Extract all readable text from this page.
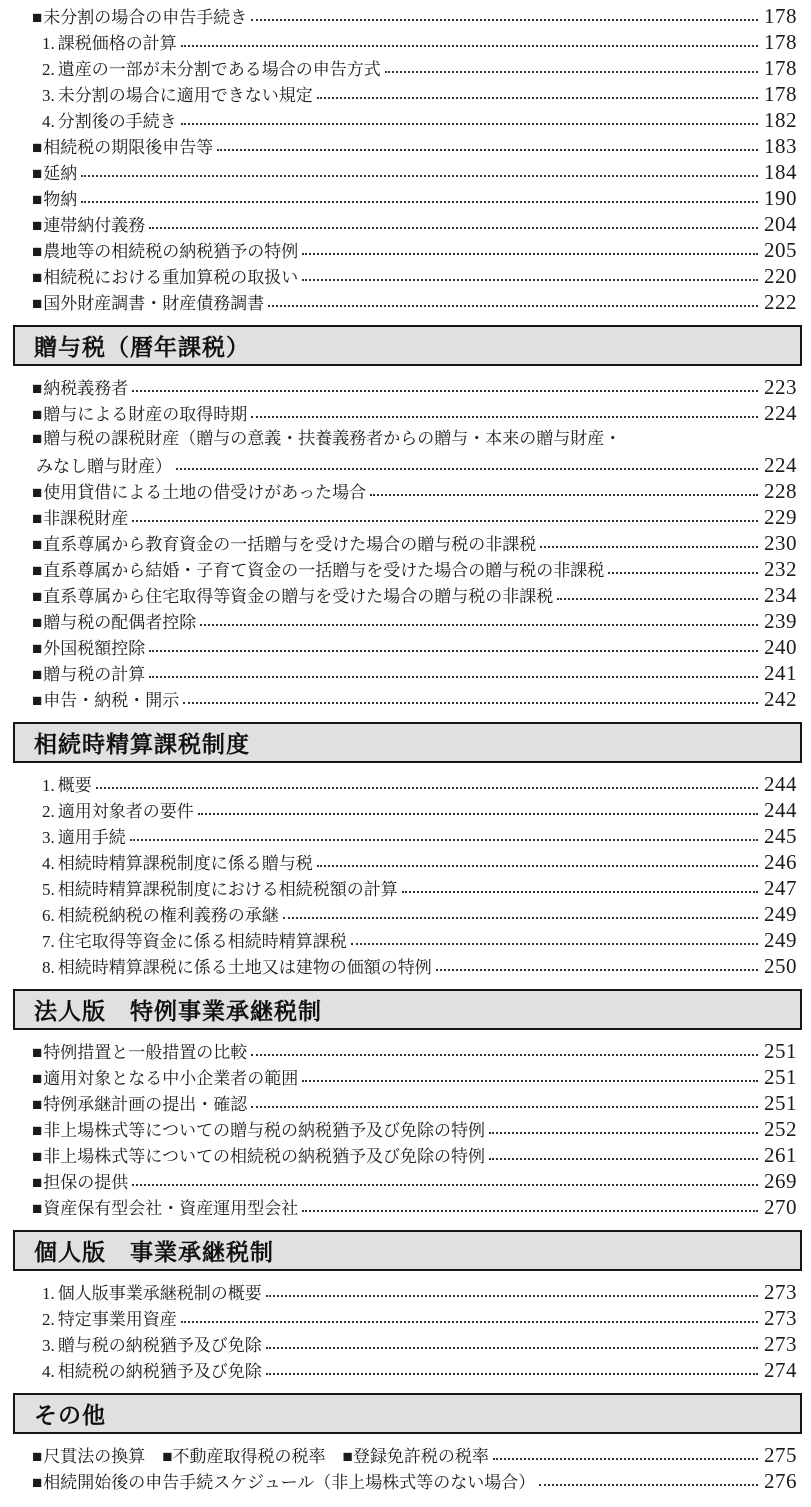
■ 未分割の場合の申告手続き	178
1. 課税価格の計算	178
2. 遺産の一部が未分割である場合の申告方式	178
3. 未分割の場合に適用できない規定	178
4. 分割後の手続き	182
■ 相続税の期限後申告等	183
■ 延納	184
■ 物納	190
■ 連帯納付義務	204
■ 農地等の相続税の納税猶予の特例	205
■ 相続税における重加算税の取扱い	220
■ 国外財産調書・財産債務調書	222
贈与税（暦年課税）
■ 納税義務者	223
■ 贈与による財産の取得時期	224
■ 贈与税の課税財産（贈与の意義・扶養義務者からの贈与・本来の贈与財産・
みなし贈与財産）	224
■ 使用貸借による土地の借受けがあった場合	228
■ 非課税財産	229
■ 直系尊属から教育資金の一括贈与を受けた場合の贈与税の非課税	230
■ 直系尊属から結婚・子育て資金の一括贈与を受けた場合の贈与税の非課税	232
■ 直系尊属から住宅取得等資金の贈与を受けた場合の贈与税の非課税	234
■ 贈与税の配偶者控除	239
■ 外国税額控除	240
■ 贈与税の計算	241
■ 申告・納税・開示	242
相続時精算課税制度
1. 概要	244
2. 適用対象者の要件	244
3. 適用手続	245
4. 相続時精算課税制度に係る贈与税	246
5. 相続時精算課税制度における相続税額の計算	247
6. 相続税納税の権利義務の承継	249
7. 住宅取得等資金に係る相続時精算課税	249
8. 相続時精算課税に係る土地又は建物の価額の特例	250
法人版　特例事業承継税制
■ 特例措置と一般措置の比較	251
■ 適用対象となる中小企業者の範囲	251
■ 特例承継計画の提出・確認	251
■ 非上場株式等についての贈与税の納税猶予及び免除の特例	252
■ 非上場株式等についての相続税の納税猶予及び免除の特例	261
■ 担保の提供	269
■ 資産保有型会社・資産運用型会社	270
個人版　事業承継税制
1. 個人版事業承継税制の概要	273
2. 特定事業用資産	273
3. 贈与税の納税猶予及び免除	273
4. 相続税の納税猶予及び免除	274
その他
■ 尺貫法の換算　■不動産取得税の税率　■登録免許税の税率	275
■ 相続開始後の申告手続スケジュール（非上場株式等のない場合）	276
